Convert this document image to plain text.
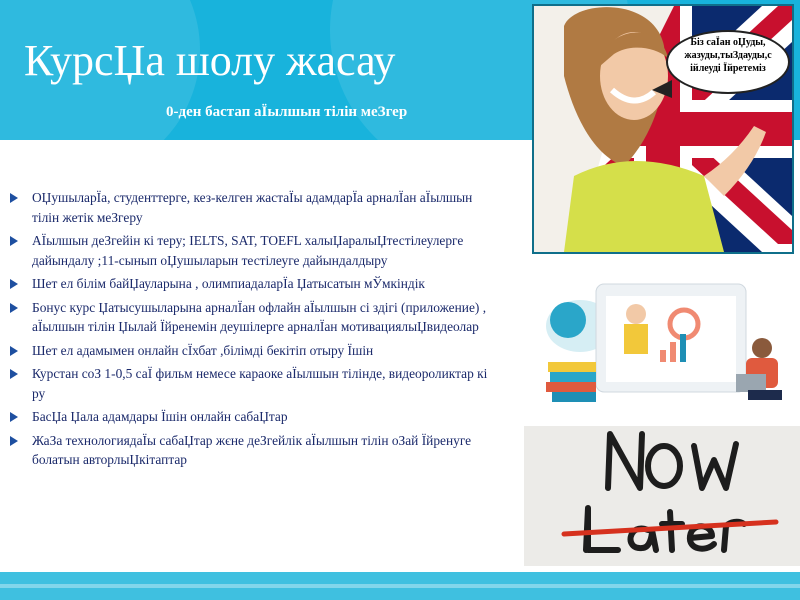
КурсЏа шолу жасау
0-ден бастап аЇылшын тілін меЗгер
ОЏушыларЇа, студенттерге, кез-келген жастаЇы адамдарЇа арналЇан аЇылшын тілін жетік меЗгеру
АЇылшын деЗгейін кі теру; IELTS, SAT, TOEFL халыЏаралыЏтестілеулерге дайындалу ;11-сынып оЏушыларын тестілеуге дайындалдыру
Шет ел білім байЏауларына , олимпиадаларЇа Џатысатын мЎмкіндік
Бонус курс Џатысушыларына арналЇан офлайн аЇылшын сі здігі (приложение) , аЇылшын тілін Џылай Їйренемін деушілерге арналЇан мотивациялыЏвидеолар
Шет ел адамымен онлайн сЇхбат ,білімді бекітіп отыру Їшін
Курстан соЗ 1-0,5 саЇ фильм немесе караоке аЇылшын тілінде, видеороликтар кі ру
БасЏа Џала адамдары Їшін онлайн сабаЏтар
ЖаЗа технологиядаЇы сабаЏтар жєне деЗгейлік аЇылшын тілін оЗай Їйренуге болатын авторлыЏкітаптар
Біз саЇан оЏуды, жазуды,тыЗдауды,с ійлеуді Їйретеміз
